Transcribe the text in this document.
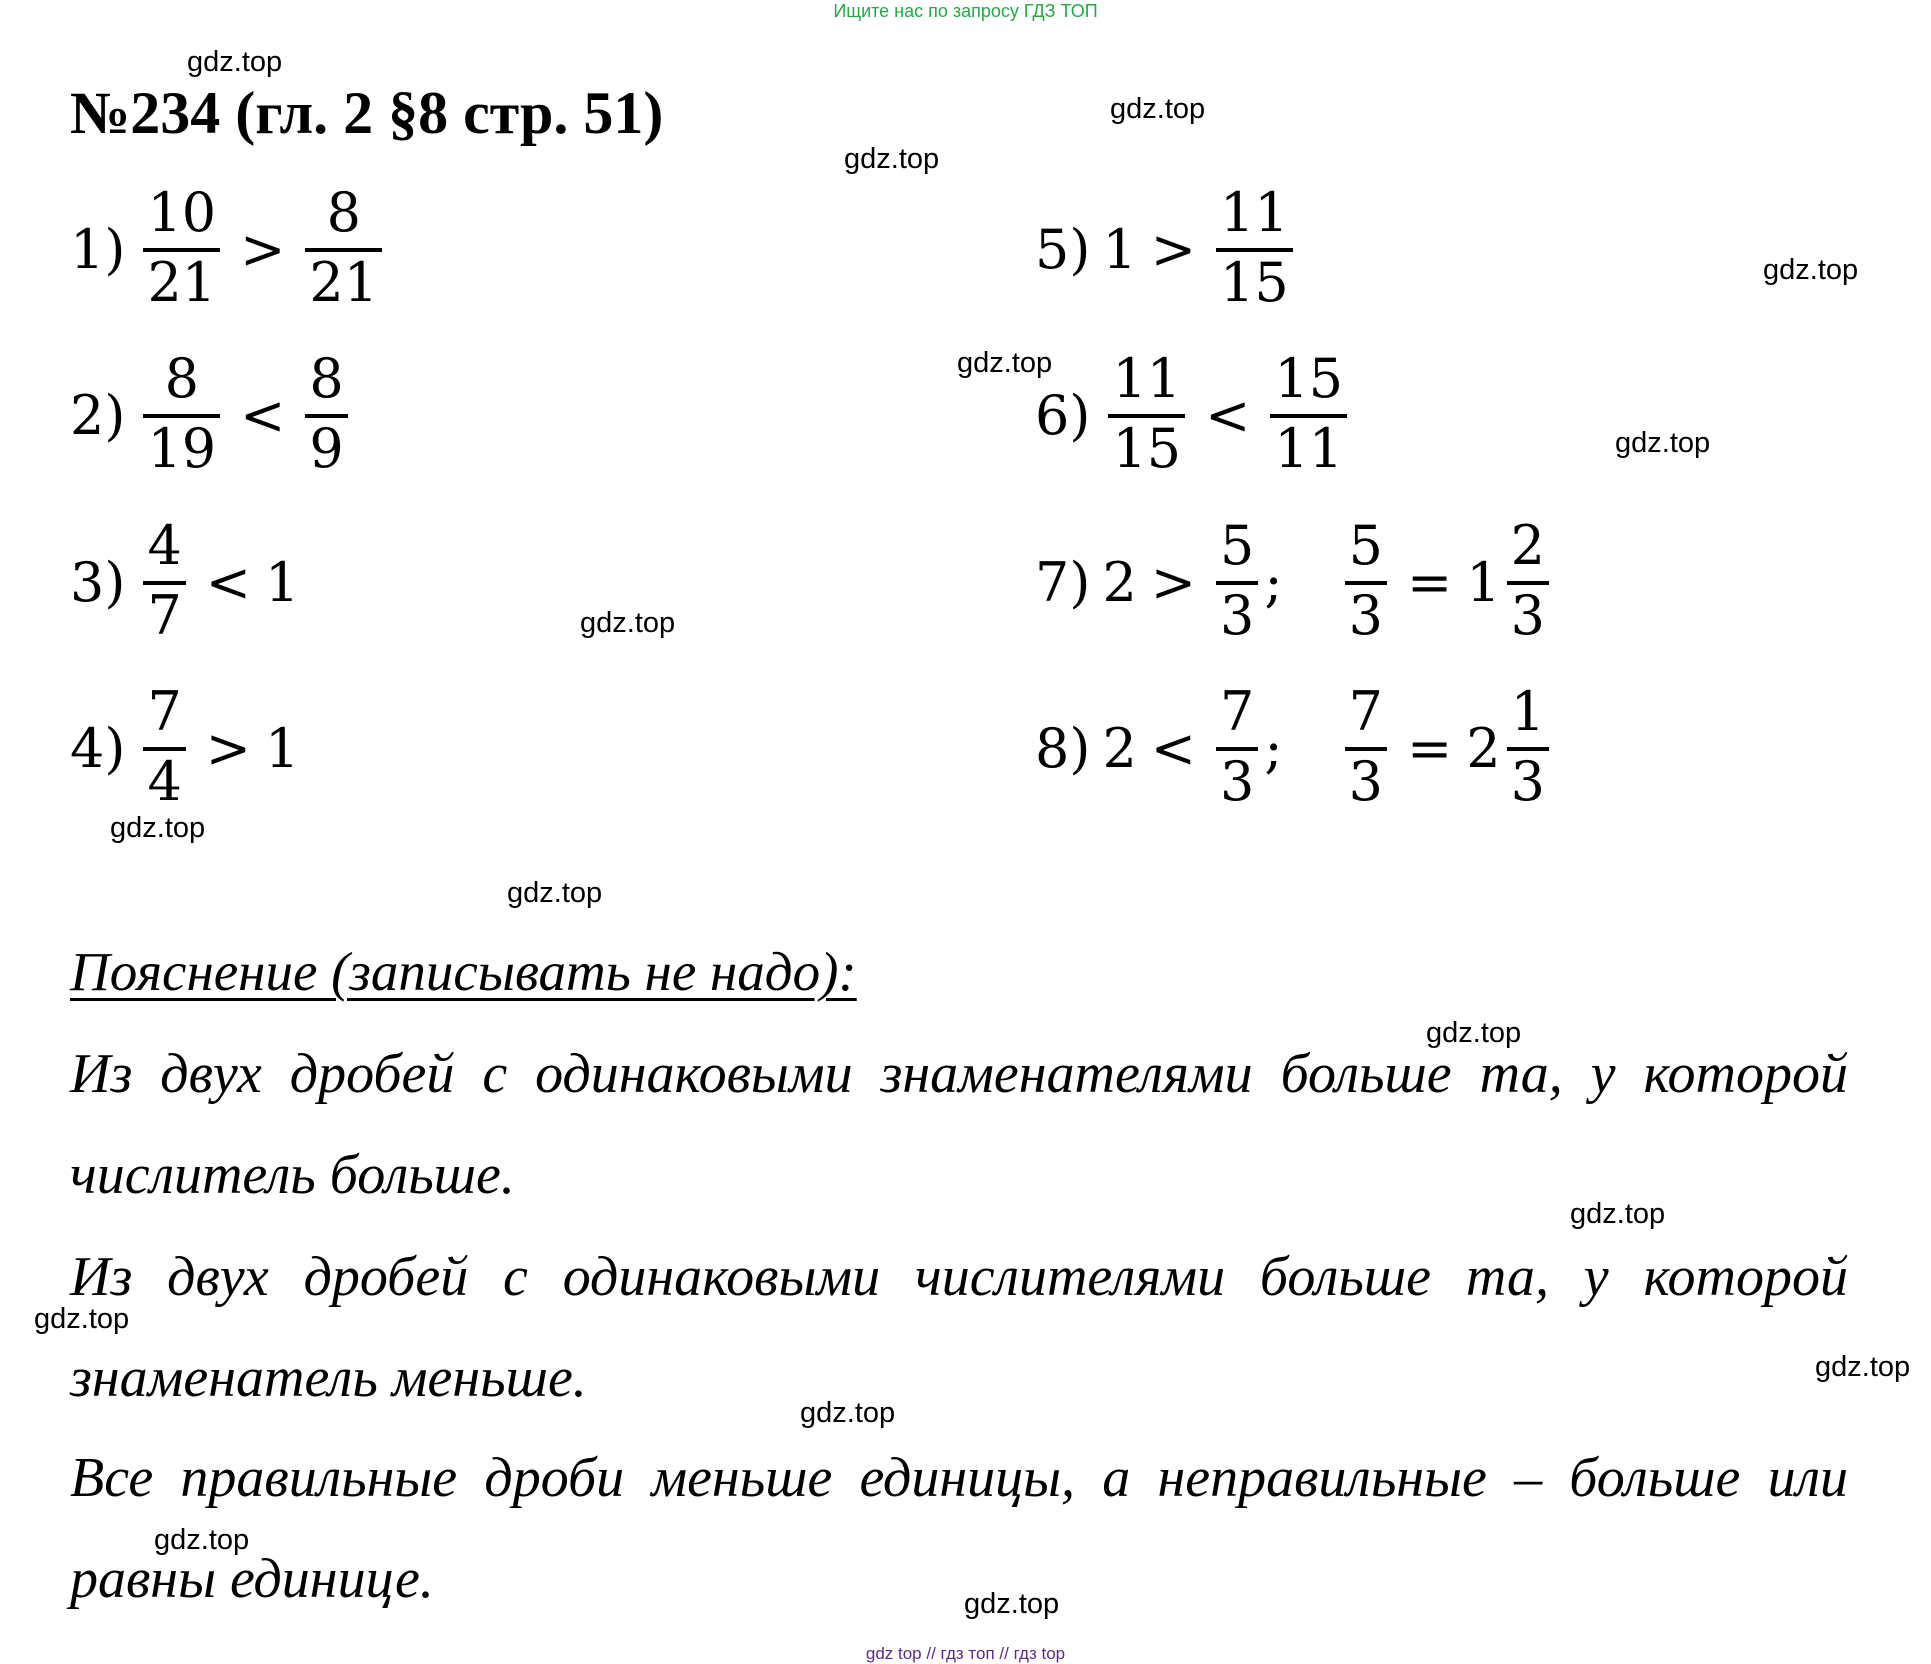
Ищите нас по запросу ГДЗ ТОП
№234 (гл. 2 §8 стр. 51)
gdz.top
gdz.top
gdz.top
gdz.top
gdz.top
gdz.top
gdz.top
gdz.top
gdz.top
gdz.top
gdz.top
gdz.top
gdz.top
gdz.top
gdz.top
gdz.top
$1) \frac{10}{21} > \frac{8}{21}$
$2) \frac{8}{19} < \frac{8}{9}$
$3) \frac{4}{7} < 1$
$4) \frac{7}{4} > 1$
5) $1 > \frac{11}{15}$
$6) \frac{11}{15} < \frac{15}{11}$
7) $2 > \frac{5}{3}$ ; $\frac{5}{3} = 1 \frac{2}{3}$
8) $2 < \frac{7}{3}$ ; $\frac{7}{3} = 2 \frac{1}{3}$
Пояснение (записывать не надо):
Из двух дробей с одинаковыми знаменателями больше та, у которой числитель больше.
Из двух дробей с одинаковыми числителями больше та, у которой знаменатель меньше.
Все правильные дроби меньше единицы, а неправильные – больше или равны единице.
gdz top // гдз топ // гдз top
